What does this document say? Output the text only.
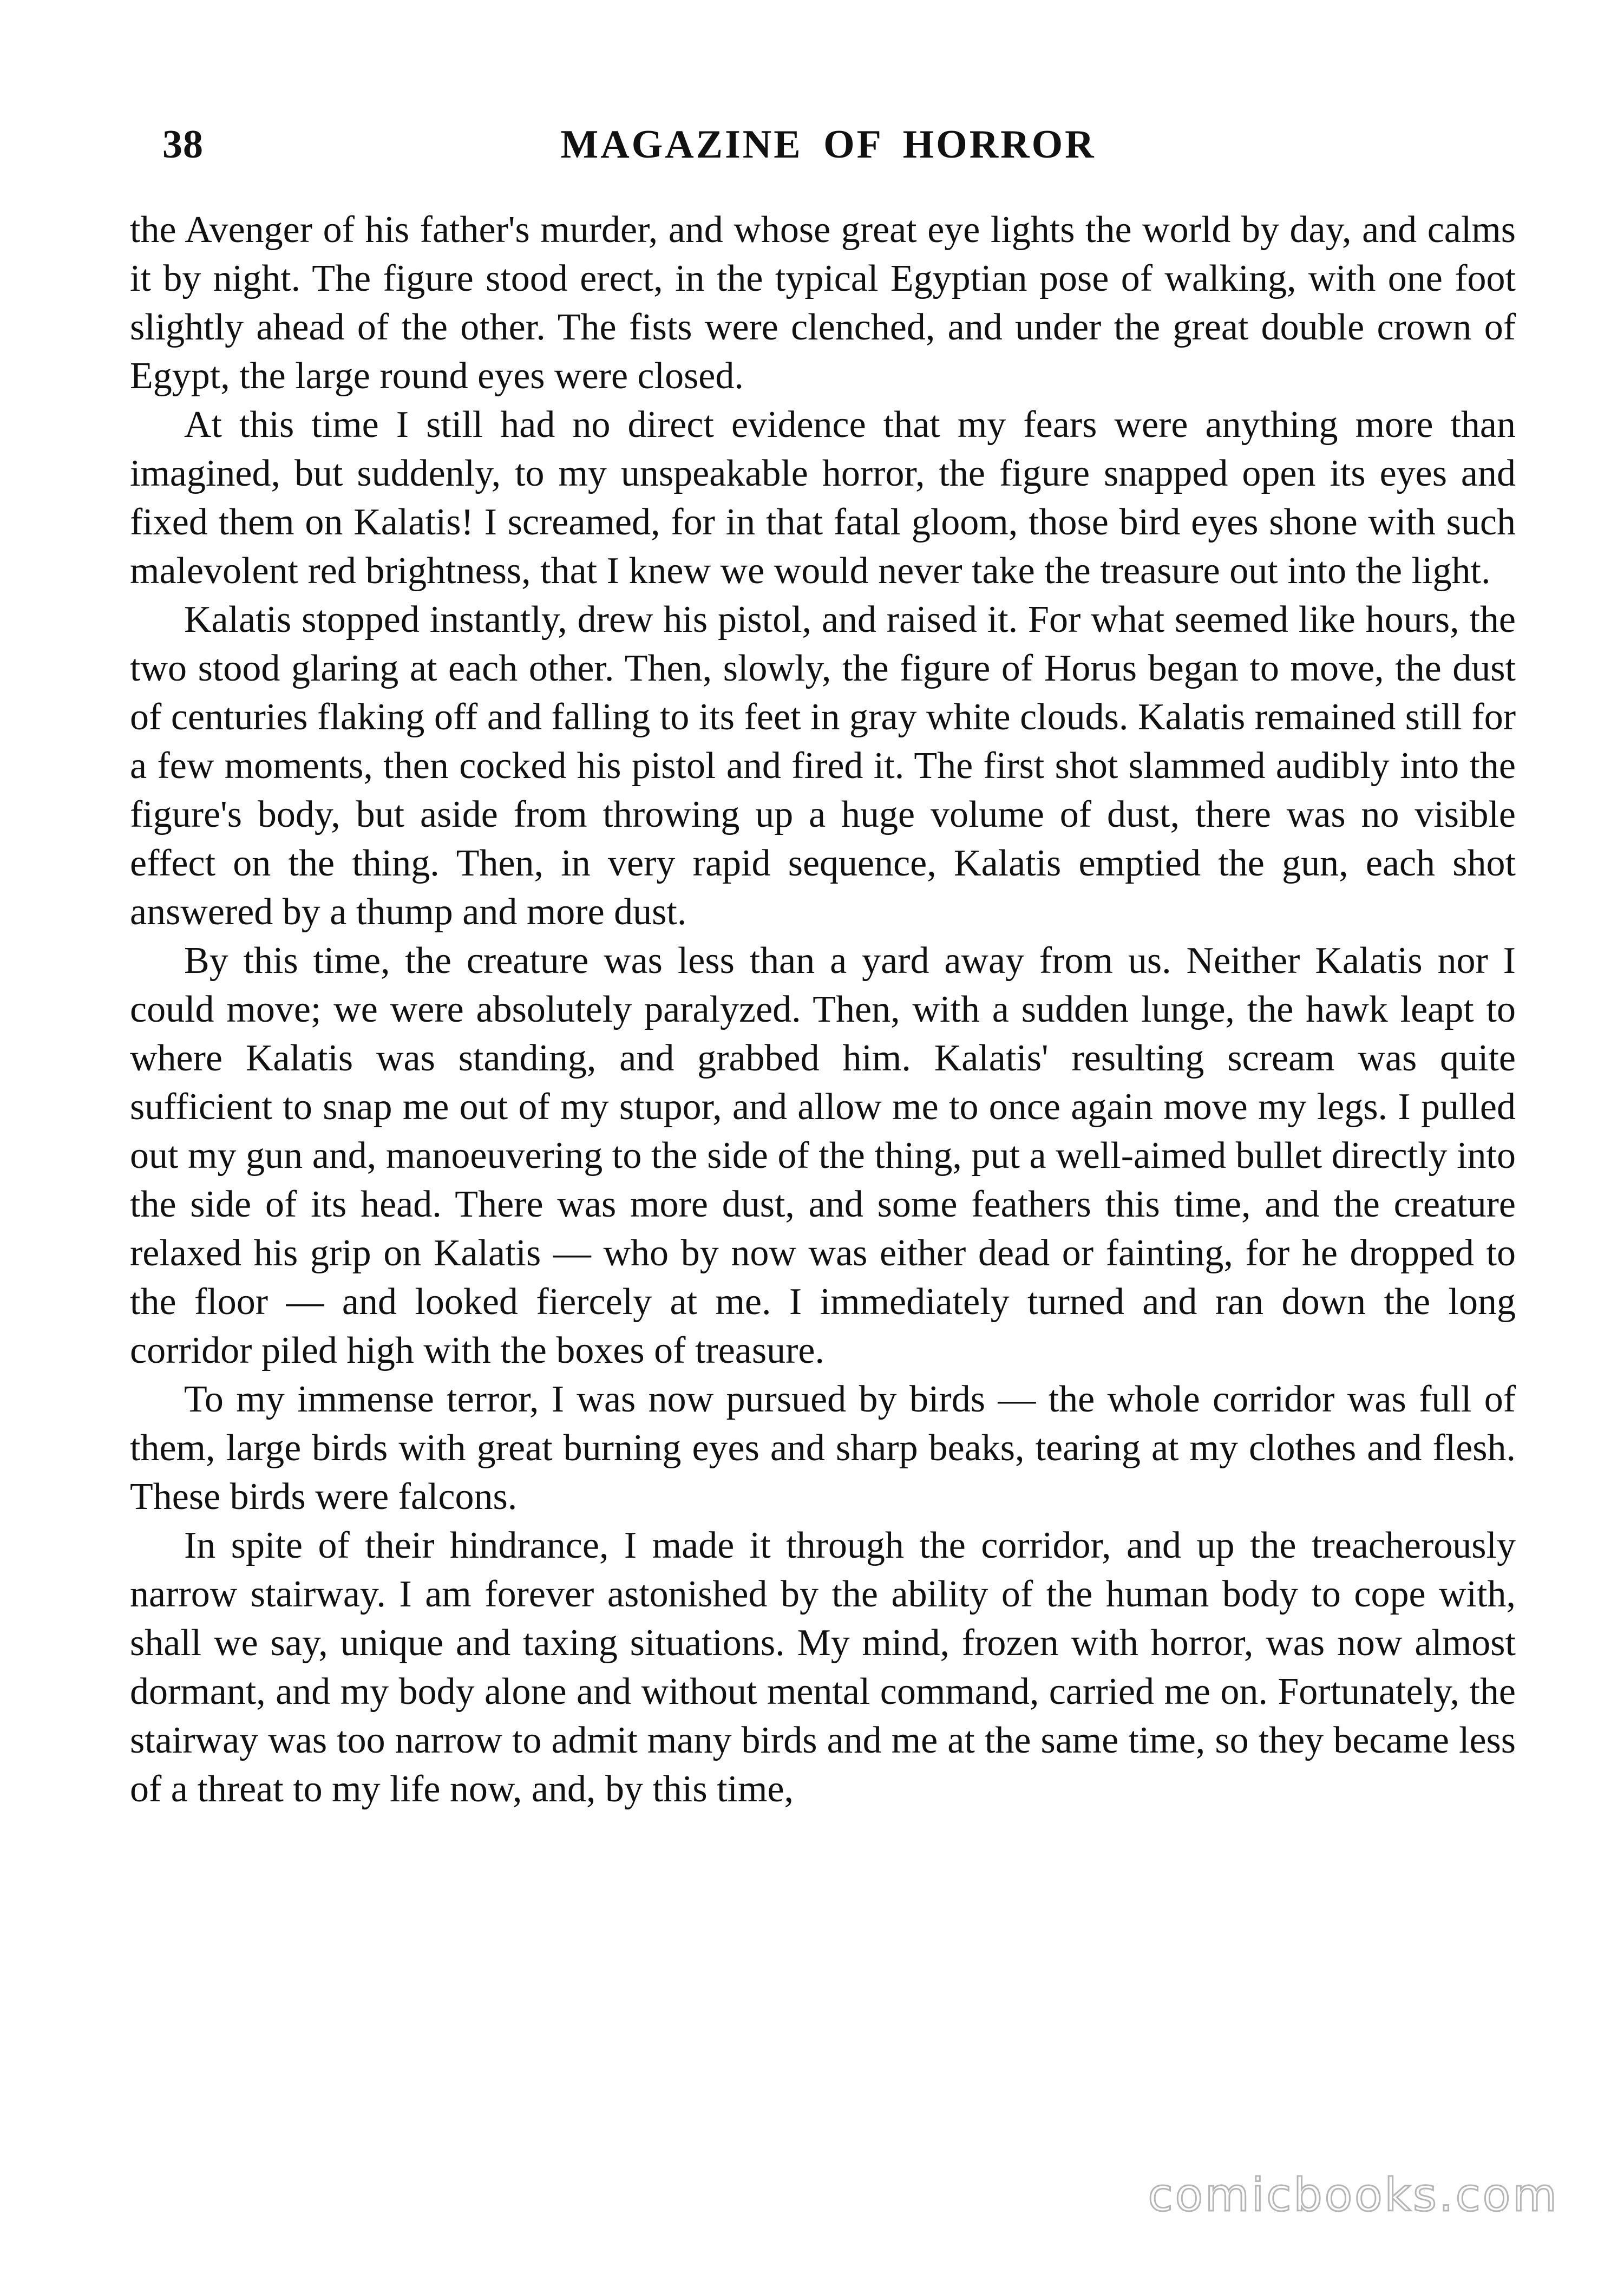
38	MAGAZINE OF HORROR

the Avenger of his father's murder, and whose great eye lights the world by day, and calms it by night. The figure stood erect, in the typical Egyptian pose of walking, with one foot slightly ahead of the other. The fists were clenched, and under the great double crown of Egypt, the large round eyes were closed.

At this time I still had no direct evidence that my fears were anything more than imagined, but suddenly, to my unspeakable horror, the figure snapped open its eyes and fixed them on Kalatis! I screamed, for in that fatal gloom, those bird eyes shone with such malevolent red brightness, that I knew we would never take the treasure out into the light.

Kalatis stopped instantly, drew his pistol, and raised it. For what seemed like hours, the two stood glaring at each other. Then, slowly, the figure of Horus began to move, the dust of centuries flaking off and falling to its feet in gray white clouds. Kalatis remained still for a few moments, then cocked his pistol and fired it. The first shot slammed audibly into the figure's body, but aside from throwing up a huge volume of dust, there was no visible effect on the thing. Then, in very rapid sequence, Kalatis emptied the gun, each shot answered by a thump and more dust.

By this time, the creature was less than a yard away from us. Neither Kalatis nor I could move; we were absolutely paralyzed. Then, with a sudden lunge, the hawk leapt to where Kalatis was standing, and grabbed him. Kalatis' resulting scream was quite sufficient to snap me out of my stupor, and allow me to once again move my legs. I pulled out my gun and, manoeuvering to the side of the thing, put a well-aimed bullet directly into the side of its head. There was more dust, and some feathers this time, and the creature relaxed his grip on Kalatis — who by now was either dead or fainting, for he dropped to the floor — and looked fiercely at me. I immediately turned and ran down the long corridor piled high with the boxes of treasure.

To my immense terror, I was now pursued by birds — the whole corridor was full of them, large birds with great burning eyes and sharp beaks, tearing at my clothes and flesh. These birds were falcons.

In spite of their hindrance, I made it through the corridor, and up the treacherously narrow stairway. I am forever astonished by the ability of the human body to cope with, shall we say, unique and taxing situations. My mind, frozen with horror, was now almost dormant, and my body alone and without mental command, carried me on. Fortunately, the stairway was too narrow to admit many birds and me at the same time, so they became less of a threat to my life now, and, by this time,

comicbooks.com
